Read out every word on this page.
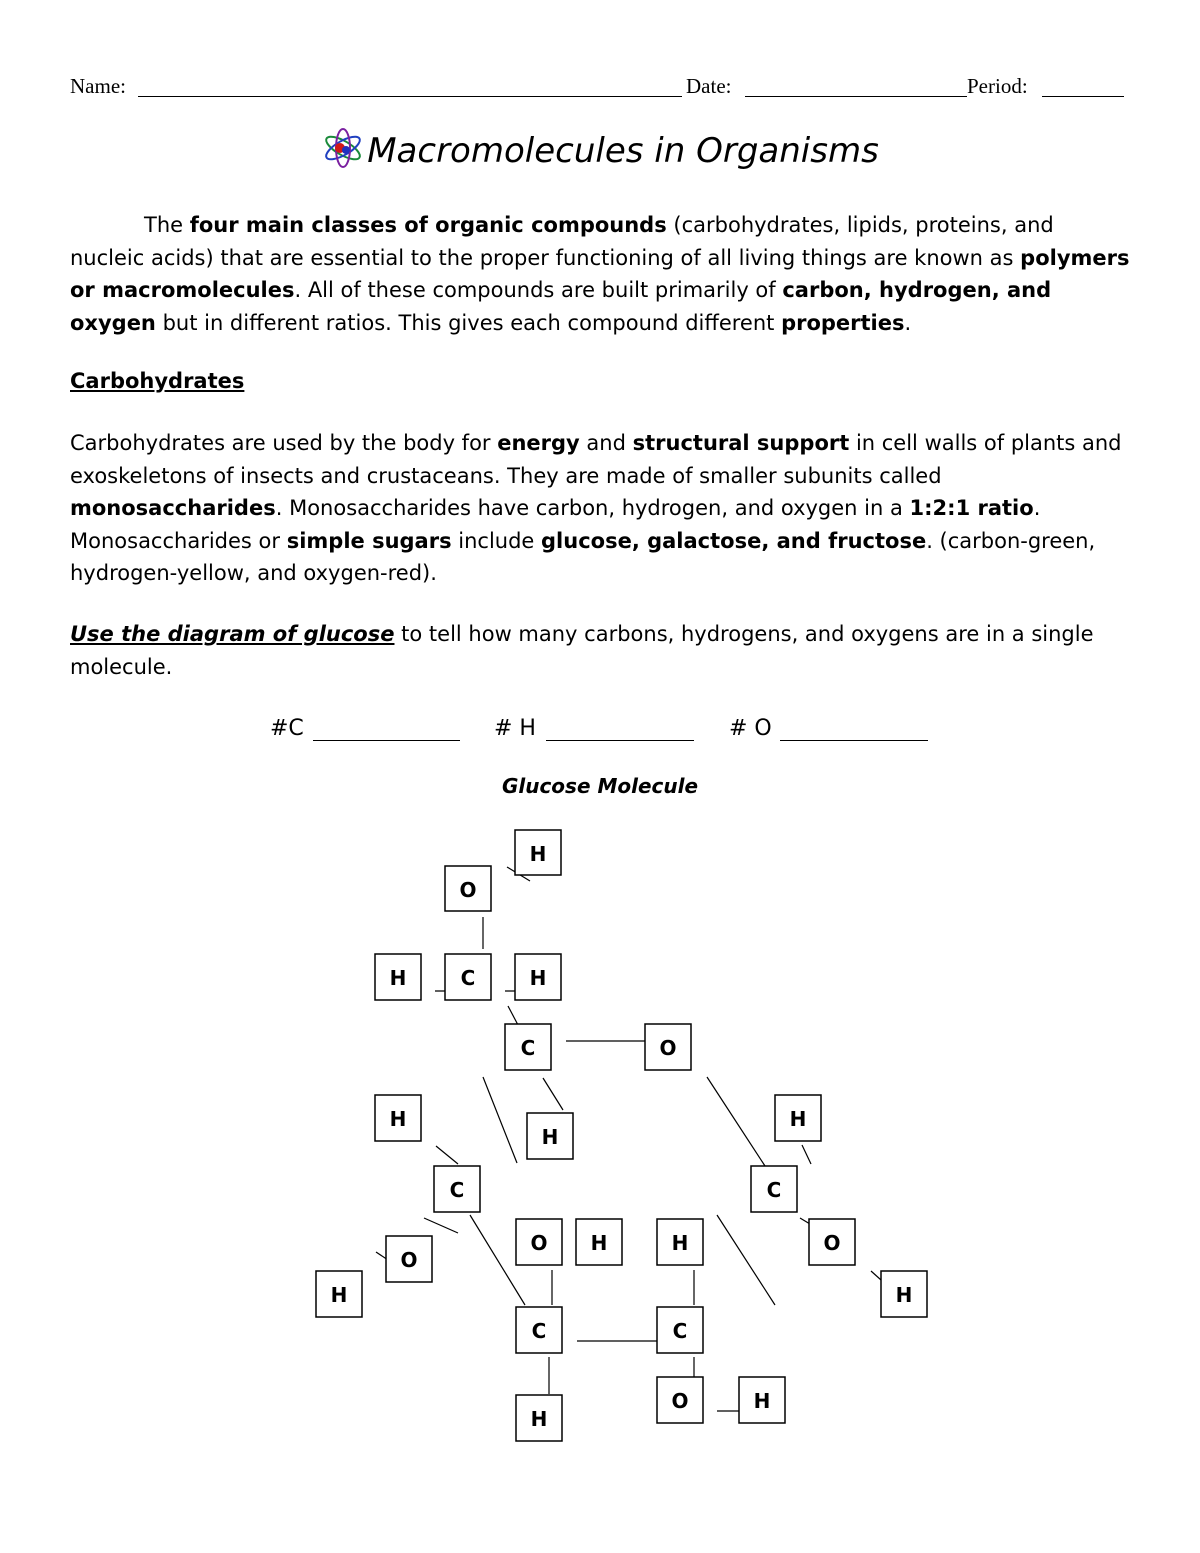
Name:	Date:	Period:
Macromolecules in Organisms
The four main classes of organic compounds (carbohydrates, lipids, proteins, and nucleic acids) that are essential to the proper functioning of all living things are known as polymers or macromolecules. All of these compounds are built primarily of carbon, hydrogen, and oxygen but in different ratios. This gives each compound different properties.
Carbohydrates
Carbohydrates are used by the body for energy and structural support in cell walls of plants and exoskeletons of insects and crustaceans. They are made of smaller subunits called monosaccharides. Monosaccharides have carbon, hydrogen, and oxygen in a 1:2:1 ratio. Monosaccharides or simple sugars include glucose, galactose, and fructose. (carbon-green, hydrogen-yellow, and oxygen-red).
Use the diagram of glucose to tell how many carbons, hydrogens, and oxygens are in a single molecule.
#C	# H	# O
Glucose Molecule
H
O
H	C	H
C	O
H
H
H
C	C
O H	H	O
O
H	H
C	C
O	H
H
